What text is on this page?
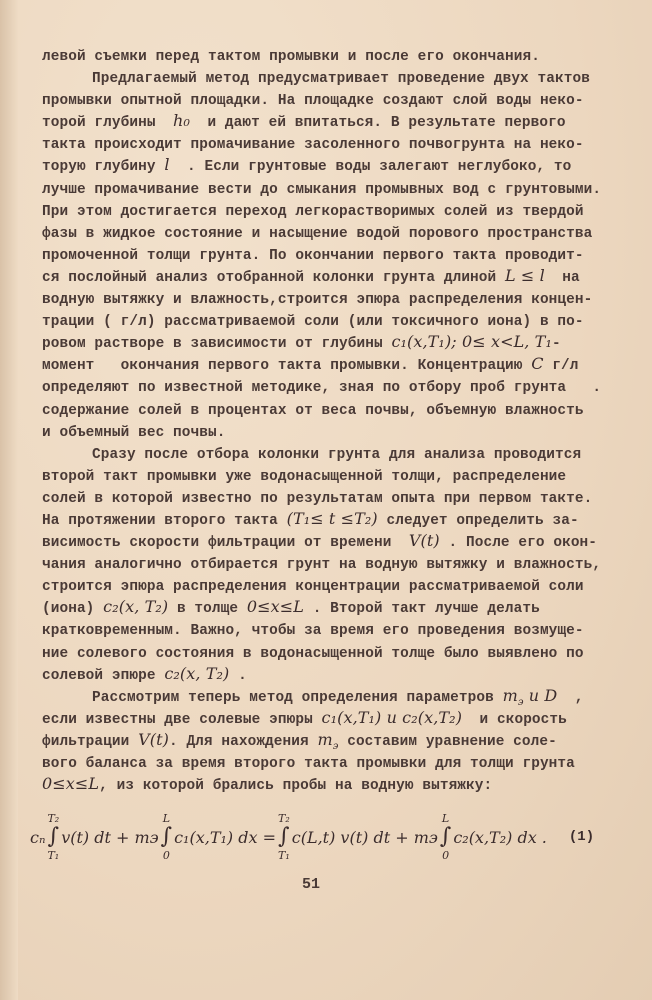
левой съемки перед тактом промывки и после его окончания.
Предлагаемый метод предусматривает проведение двух тактов
промывки опытной площадки. На площадке создают слой воды неко-
торой глубины  h₀  и дают ей впитаться. В результате первого
такта происходит промачивание засоленного почвогрунта на неко-
торую глубину l  . Если грунтовые воды залегают неглубоко, то
лучше промачивание вести до смыкания промывных вод с грунтовыми.
При этом достигается переход легкорастворимых солей из твердой
фазы в жидкое состояние и насыщение водой порового пространства
промоченной толщи грунта. По окончании первого такта проводит-
ся послойный анализ отобранной колонки грунта длиной L ≤ l  на
водную вытяжку и влажность,строится эпюра распределения концен-
трации ( г/л) рассматриваемой соли (или токсичного иона) в по-
ровом растворе в зависимости от глубины c₁(x,T₁); 0≤ x<L, T₁-
момент   окончания первого такта промывки. Концентрацию C г/л
определяют по известной методике, зная по отбору проб грунта   .
содержание солей в процентах от веса почвы, объемную влажность
и объемный вес почвы.
Сразу после отбора колонки грунта для анализа проводится
второй такт промывки уже водонасыщенной толщи, распределение
солей в которой известно по результатам опыта при первом такте.
На протяжении второго такта (T₁≤ t ≤T₂) следует определить за-
висимость скорости фильтрации от времени  V(t) . После его окон-
чания аналогично отбирается грунт на водную вытяжку и влажность,
строится эпюра распределения концентрации рассматриваемой соли
(иона) c₂(x, T₂) в толще 0≤x≤L . Второй такт лучше делать
кратковременным. Важно, чтобы за время его проведения возмуще-
ние солевого состояния в водонасыщенной толще было выявлено по
солевой эпюре c₂(x, T₂) .
Рассмотрим теперь метод определения параметров $m_э$ и D  ,
если известны две солевые эпюры c₁(x,T₁) и c₂(x,T₂)  и скорость
фильтрации V(t). Для нахождения $m_э$ составим уравнение соле-
вого баланса за время второго такта промывки для толщи грунта
0≤x≤L, из которой брались пробы на водную вытяжку:
cₙ
T₂
∫
T₁
v(t) dt + mэ
L
∫
0
c₁(x,T₁) dx =
T₂
∫
T₁
c(L,t) v(t) dt + mэ
L
∫
0
c₂(x,T₂) dx . (1)
51
